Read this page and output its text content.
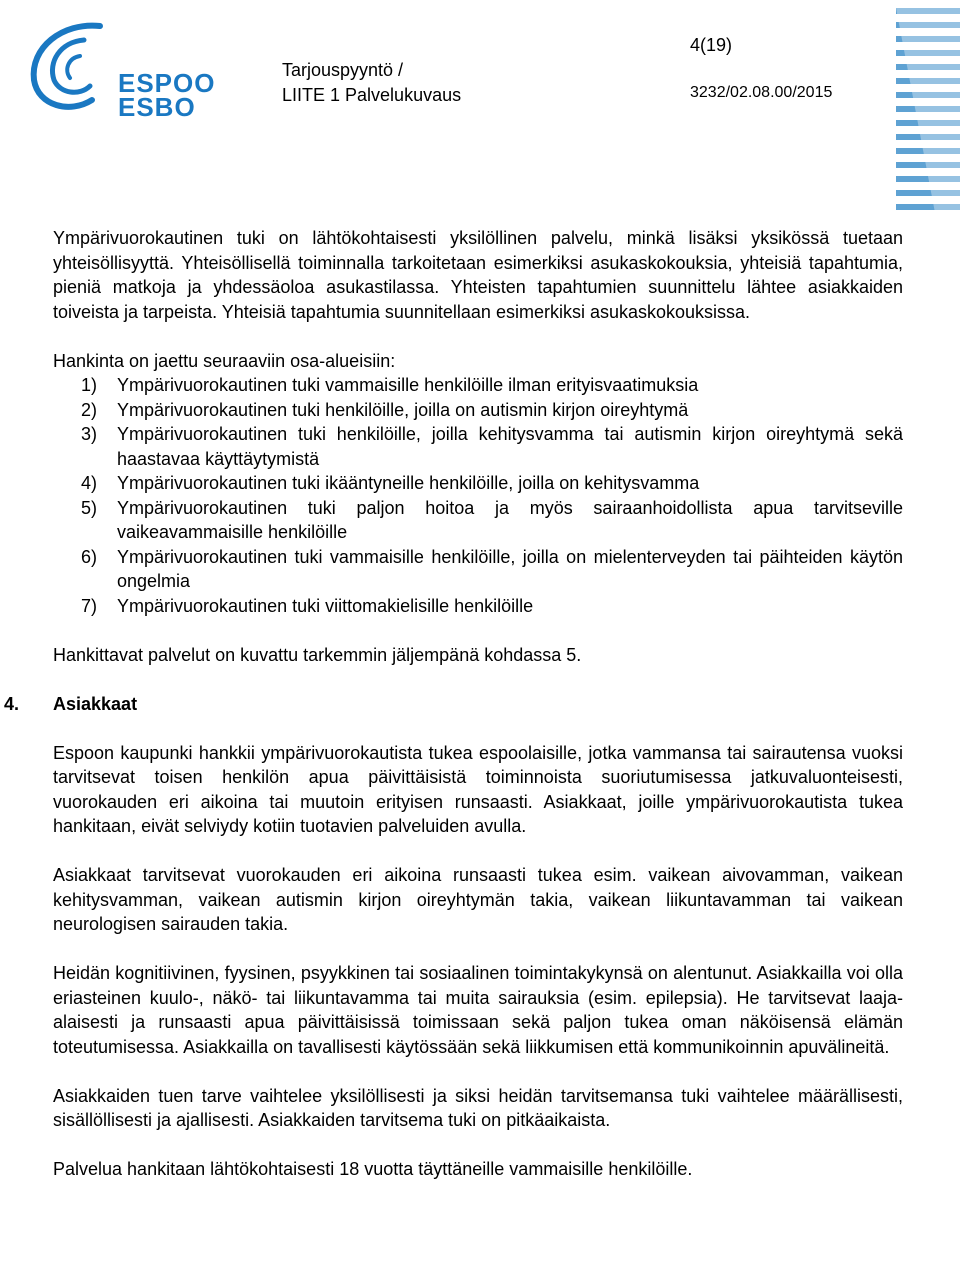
ESPOO
ESBO
Tarjouspyyntö /
LIITE 1 Palvelukuvaus
4(19)
3232/02.08.00/2015

Ympärivuorokautinen tuki on lähtökohtaisesti yksilöllinen palvelu, minkä lisäksi yksikössä tuetaan yhteisöllisyyttä. Yhteisöllisellä toiminnalla tarkoitetaan esimerkiksi asukaskokouksia, yhteisiä tapahtumia, pieniä matkoja ja yhdessäoloa asukastilassa. Yhteisten tapahtumien suunnittelu lähtee asiakkaiden toiveista ja tarpeista. Yhteisiä tapahtumia suunnitellaan esimerkiksi asukaskokouksissa.

Hankinta on jaettu seuraaviin osa-alueisiin:

1) Ympärivuorokautinen tuki vammaisille henkilöille ilman erityisvaatimuksia
2) Ympärivuorokautinen tuki henkilöille, joilla on autismin kirjon oireyhtymä
3) Ympärivuorokautinen tuki henkilöille, joilla kehitysvamma tai autismin kirjon oireyhtymä sekä haastavaa käyttäytymistä
4) Ympärivuorokautinen tuki ikääntyneille henkilöille, joilla on kehitysvamma
5) Ympärivuorokautinen tuki paljon hoitoa ja myös sairaanhoidollista apua tarvitseville vaikeavammaisille henkilöille
6) Ympärivuorokautinen tuki vammaisille henkilöille, joilla on mielenterveyden tai päihteiden käytön ongelmia
7) Ympärivuorokautinen tuki viittomakielisille henkilöille

Hankittavat palvelut on kuvattu tarkemmin jäljempänä kohdassa 5.

4. Asiakkaat

Espoon kaupunki hankkii ympärivuorokautista tukea espoolaisille, jotka vammansa tai sairautensa vuoksi tarvitsevat toisen henkilön apua päivittäisistä toiminnoista suoriutumisessa jatkuvaluonteisesti, vuorokauden eri aikoina tai muutoin erityisen runsaasti. Asiakkaat, joille ympärivuorokautista tukea hankitaan, eivät selviydy kotiin tuotavien palveluiden avulla.

Asiakkaat tarvitsevat vuorokauden eri aikoina runsaasti tukea esim. vaikean aivovamman, vaikean kehitysvamman, vaikean autismin kirjon oireyhtymän takia, vaikean liikuntavamman tai vaikean neurologisen sairauden takia.

Heidän kognitiivinen, fyysinen, psyykkinen tai sosiaalinen toimintakykynsä on alentunut. Asiakkailla voi olla eriasteinen kuulo-, näkö- tai liikuntavamma tai muita sairauksia (esim. epilepsia). He tarvitsevat laaja-alaisesti ja runsaasti apua päivittäisissä toimissaan sekä paljon tukea oman näköisensä elämän toteutumisessa. Asiakkailla on tavallisesti käytössään sekä liikkumisen että kommunikoinnin apuvälineitä.

Asiakkaiden tuen tarve vaihtelee yksilöllisesti ja siksi heidän tarvitsemansa tuki vaihtelee määrällisesti, sisällöllisesti ja ajallisesti. Asiakkaiden tarvitsema tuki on pitkäaikaista.

Palvelua hankitaan lähtökohtaisesti 18 vuotta täyttäneille vammaisille henkilöille.
